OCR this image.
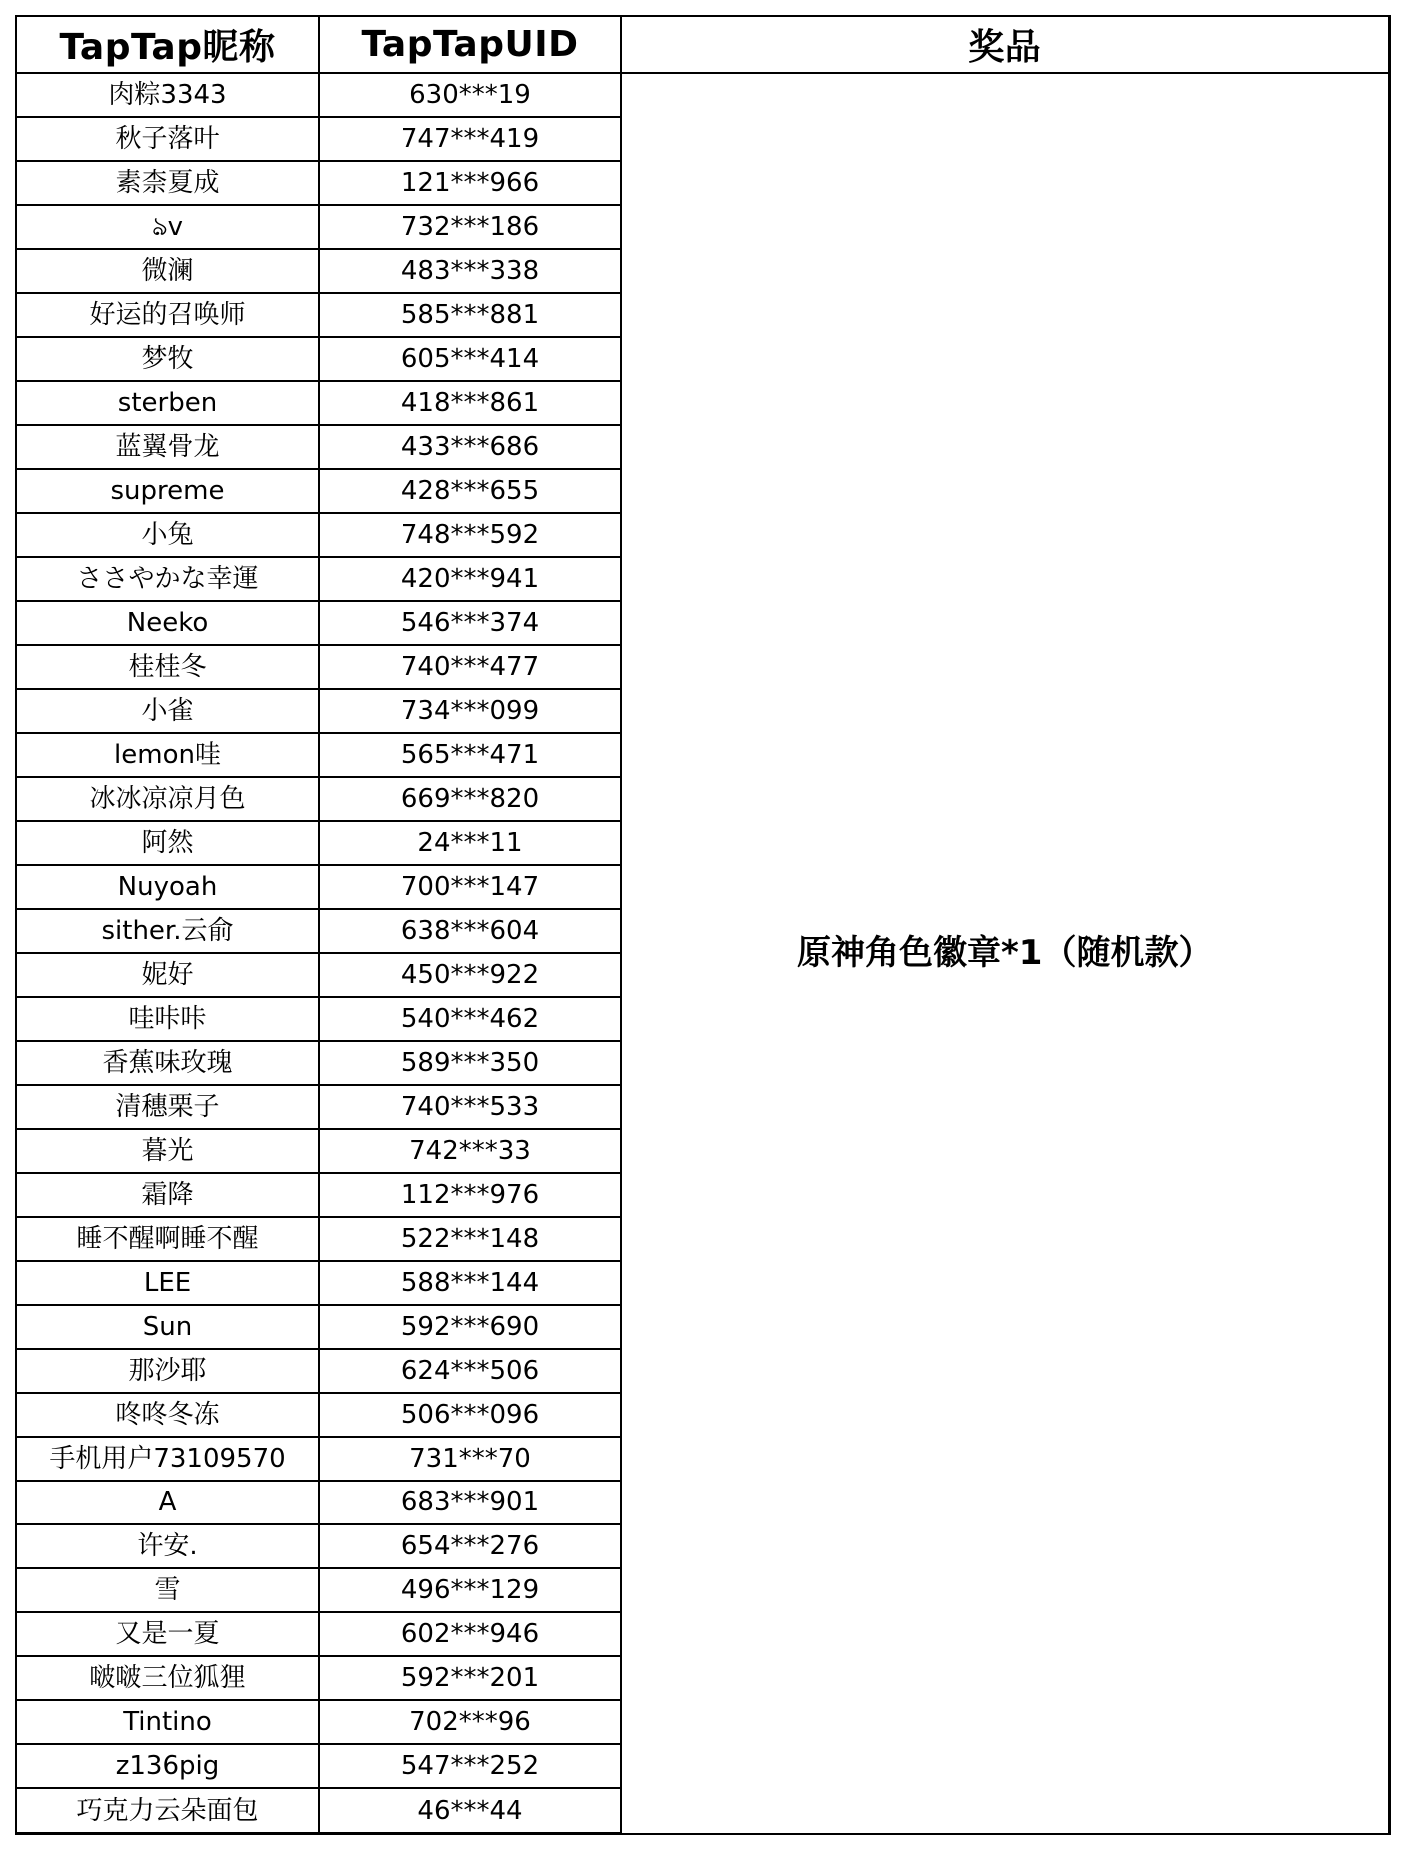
TapTap昵称	TapTapUID	奖品
肉粽3343	630***19	原神角色徽章*1（随机款）
秋子落叶	747***419	
素柰夏成	121***966	
ঌv	732***186	
微澜	483***338	
好运的召唤师	585***881	
梦牧	605***414	
sterben	418***861	
蓝翼骨龙	433***686	
supreme	428***655	
小兔	748***592	
ささやかな幸運	420***941	
Neeko	546***374	
桂桂冬	740***477	
小雀	734***099	
lemon哇	565***471	
冰冰凉凉月色	669***820	
阿然	24***11	
Nuyoah	700***147	
sither.云俞	638***604	
妮好	450***922	
哇咔咔	540***462	
香蕉味玫瑰	589***350	
清穗栗子	740***533	
暮光	742***33	
霜降	112***976	
睡不醒啊睡不醒	522***148	
LEE	588***144	
Sun	592***690	
那沙耶	624***506	
咚咚冬冻	506***096	
手机用户73109570	731***70	
A	683***901	
许安.	654***276	
雪	496***129	
又是一夏	602***946	
啵啵三位狐狸	592***201	
Tintino	702***96	
z136pig	547***252	
巧克力云朵面包	46***44	
